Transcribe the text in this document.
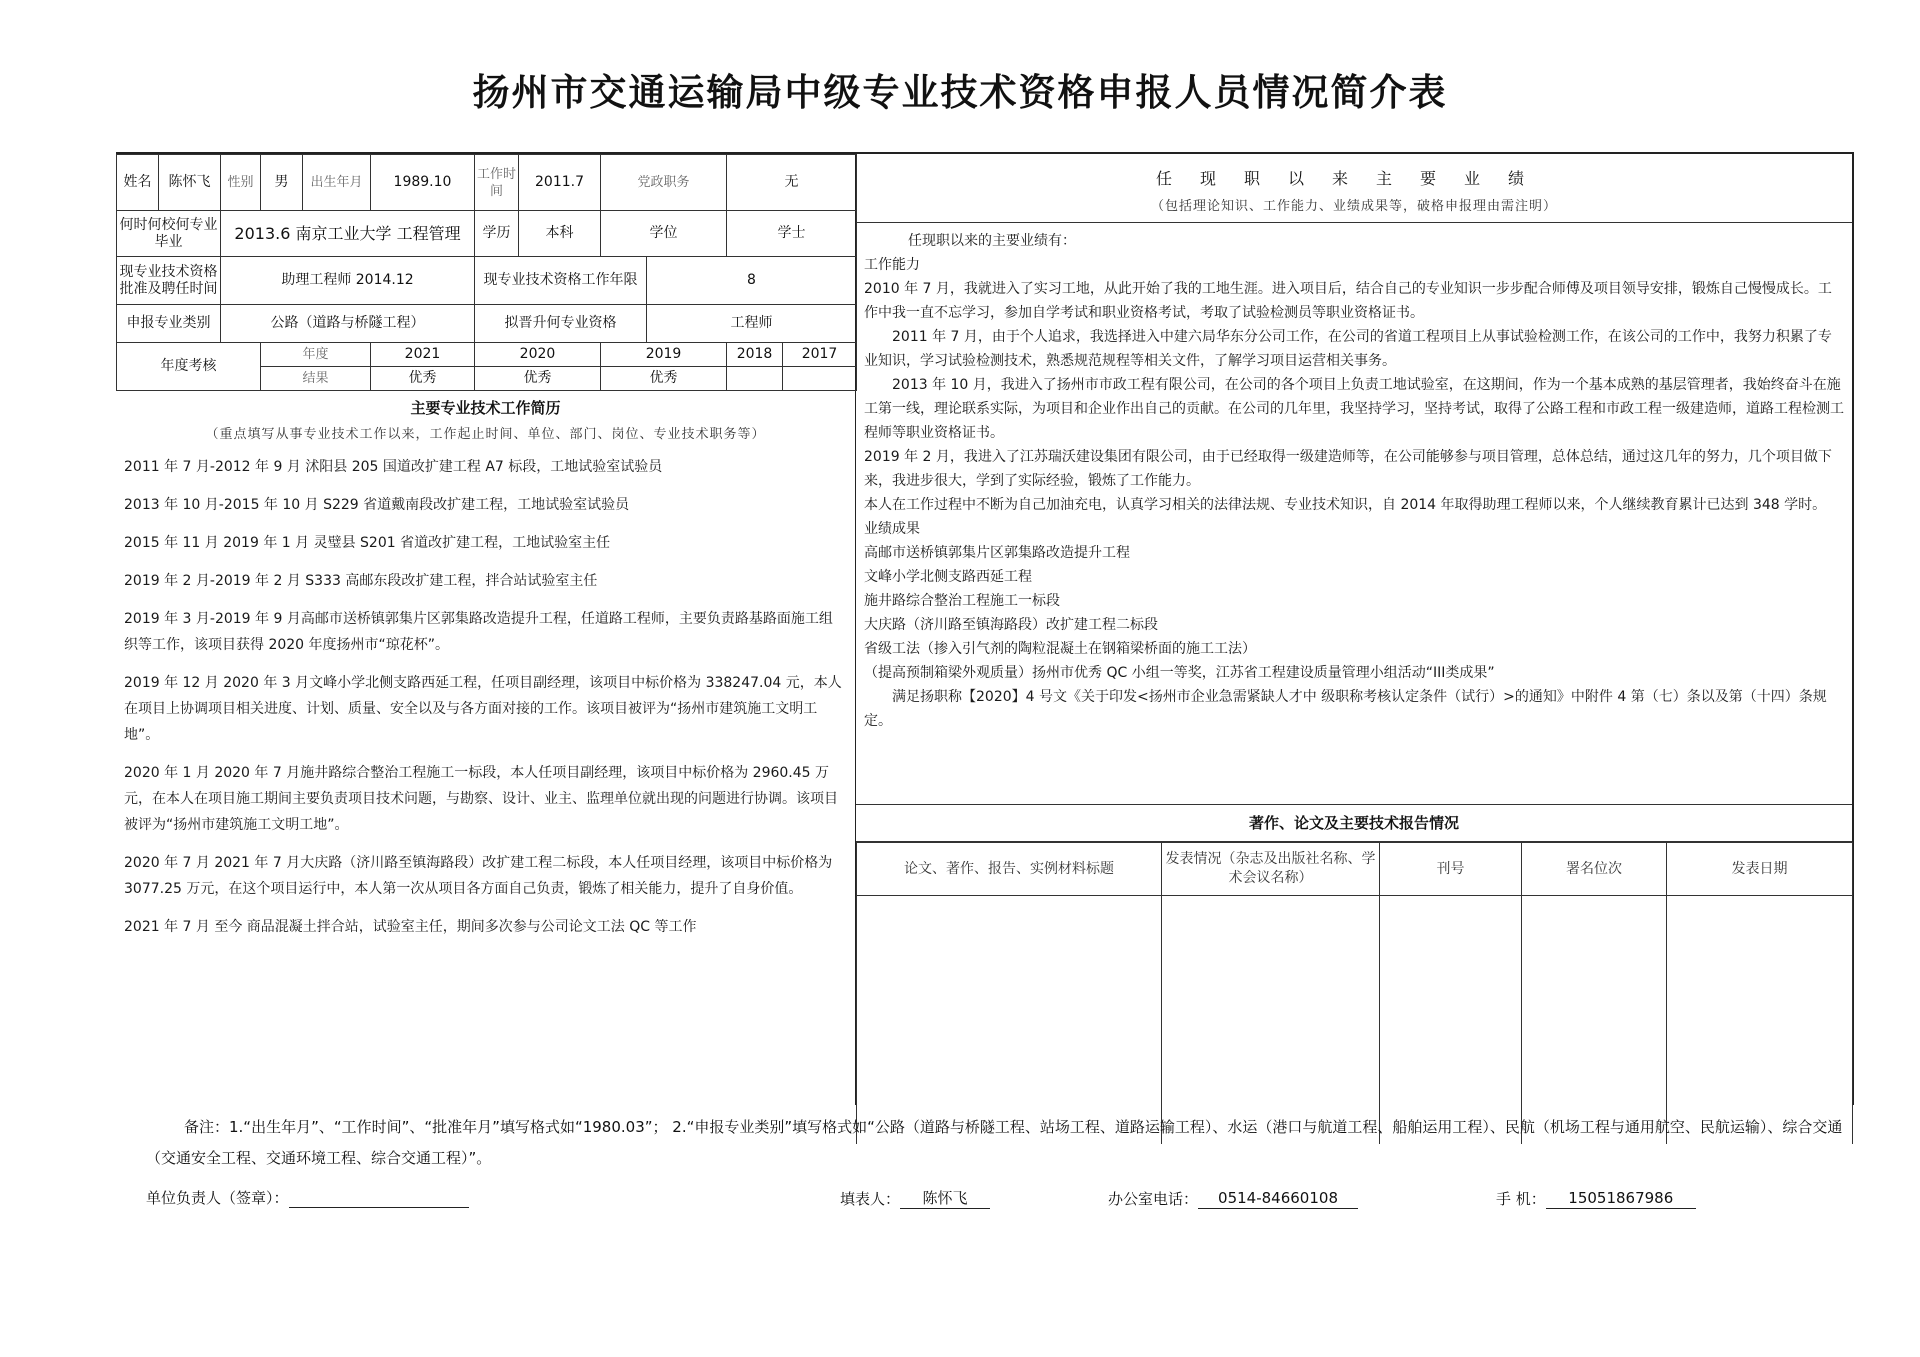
扬州市交通运输局中级专业技术资格申报人员情况简介表
姓名	陈怀飞	性别	男	出生年月	1989.10	工作时间	2011.7	党政职务		无	
何时何校何专业毕业		2013.6 南京工业大学 工程管理				学历	本科	学位		学士	
现专业技术资格批准及聘任时间		助理工程师 2014.12				现专业技术资格工作年限			8		
申报专业类别		公路（道路与桥隧工程）				拟晋升何专业资格			工程师		
年度考核			年度		2021	2020		2019		2018	2017
			结果		优秀	优秀		优秀			
主要专业技术工作简历
（重点填写从事专业技术工作以来，工作起止时间、单位、部门、岗位、专业技术职务等）

2011 年 7 月-2012 年 9 月 沭阳县 205 国道改扩建工程 A7 标段，工地试验室试验员

2013 年 10 月-2015 年 10 月 S229 省道戴南段改扩建工程，工地试验室试验员

2015 年 11 月 2019 年 1 月 灵璧县 S201 省道改扩建工程，工地试验室主任

2019 年 2 月-2019 年 2 月 S333 高邮东段改扩建工程，拌合站试验室主任

2019 年 3 月-2019 年 9 月高邮市送桥镇郭集片区郭集路改造提升工程，任道路工程师，主要负责路基路面施工组织等工作，该项目获得 2020 年度扬州市“琼花杯”。

2019 年 12 月 2020 年 3 月文峰小学北侧支路西延工程，任项目副经理，该项目中标价格为 338247.04 元，本人在项目上协调项目相关进度、计划、质量、安全以及与各方面对接的工作。该项目被评为“扬州市建筑施工文明工地”。

2020 年 1 月 2020 年 7 月施井路综合整治工程施工一标段，本人任项目副经理，该项目中标价格为 2960.45 万元，在本人在项目施工期间主要负责项目技术问题，与勘察、设计、业主、监理单位就出现的问题进行协调。该项目被评为“扬州市建筑施工文明工地”。

2020 年 7 月 2021 年 7 月大庆路（济川路至镇海路段）改扩建工程二标段，本人任项目经理，该项目中标价格为 3077.25 万元，在这个项目运行中，本人第一次从项目各方面自己负责，锻炼了相关能力，提升了自身价值。

2021 年 7 月 至今 商品混凝土拌合站，试验室主任，期间多次参与公司论文工法 QC 等工作

任现职以来主要业绩
（包括理论知识、工作能力、业绩成果等，破格申报理由需注明）

任现职以来的主要业绩有：

工作能力

2010 年 7 月，我就进入了实习工地，从此开始了我的工地生涯。进入项目后，结合自己的专业知识一步步配合师傅及项目领导安排，锻炼自己慢慢成长。工作中我一直不忘学习，参加自学考试和职业资格考试，考取了试验检测员等职业资格证书。

2011 年 7 月，由于个人追求，我选择进入中建六局华东分公司工作，在公司的省道工程项目上从事试验检测工作，在该公司的工作中，我努力积累了专业知识，学习试验检测技术，熟悉规范规程等相关文件，了解学习项目运营相关事务。

2013 年 10 月，我进入了扬州市市政工程有限公司，在公司的各个项目上负责工地试验室，在这期间，作为一个基本成熟的基层管理者，我始终奋斗在施工第一线，理论联系实际，为项目和企业作出自己的贡献。在公司的几年里，我坚持学习，坚持考试，取得了公路工程和市政工程一级建造师，道路工程检测工程师等职业资格证书。

2019 年 2 月，我进入了江苏瑞沃建设集团有限公司，由于已经取得一级建造师等，在公司能够参与项目管理，总体总结，通过这几年的努力，几个项目做下来，我进步很大，学到了实际经验，锻炼了工作能力。

本人在工作过程中不断为自己加油充电，认真学习相关的法律法规、专业技术知识，自 2014 年取得助理工程师以来，个人继续教育累计已达到 348 学时。

业绩成果

高邮市送桥镇郭集片区郭集路改造提升工程

文峰小学北侧支路西延工程

施井路综合整治工程施工一标段

大庆路（济川路至镇海路段）改扩建工程二标段

省级工法（掺入引气剂的陶粒混凝土在钢箱梁桥面的施工工法）

（提高预制箱梁外观质量）扬州市优秀 QC 小组一等奖，江苏省工程建设质量管理小组活动“III类成果”

满足扬职称【2020】4 号文《关于印发<扬州市企业急需紧缺人才中 级职称考核认定条件（试行）>的通知》中附件 4 第（七）条以及第（十四）条规定。

著作、论文及主要技术报告情况
论文、著作、报告、实例材料标题	发表情况（杂志及出版社名称、学术会议名称）	刊号	署名位次	发表日期

备注：1.“出生年月”、“工作时间”、“批准年月”填写格式如“1980.03”； 2.“申报专业类别”填写格式如“公路（道路与桥隧工程、站场工程、道路运输工程）、水运（港口与航道工程、船舶运用工程）、民航（机场工程与通用航空、民航运输）、综合交通（交通安全工程、交通环境工程、综合交通工程）”。
单位负责人（签章）：	填表人： 陈怀飞	办公室电话： 0514-84660108	手 机： 15051867986
